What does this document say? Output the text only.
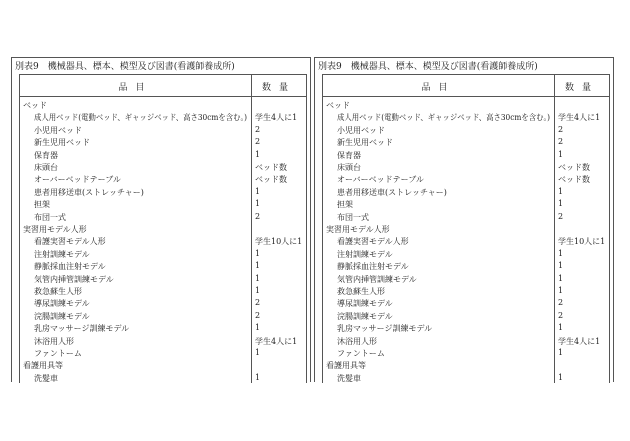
別表9　機械器具、標本、模型及び図書(看護師養成所)
品目	数量
ベッド
成人用ベッド(電動ベッド、ギャッジベッド、高さ30cmを含む。) 学生4人に1
小児用ベッド	2
新生児用ベッド	2
保育器	1
床頭台	ベッド数
オーバーベッドテーブル	ベッド数
患者用移送車(ストレッチャー)	1
担架	1
布団一式	2
実習用モデル人形
看護実習モデル人形	学生10人に1
注射訓練モデル	1
静脈採血注射モデル	1
気管内挿管訓練モデル	1
救急蘇生人形	1
導尿訓練モデル	2
浣腸訓練モデル	2
乳房マッサージ訓練モデル	1
沐浴用人形	学生4人に1
ファントーム	1
看護用具等
洗髪車	1
別表9　機械器具、標本、模型及び図書(看護師養成所)
品目	数量
ベッド
成人用ベッド(電動ベッド、ギャッジベッド、高さ30cmを含む。) 学生4人に1
小児用ベッド	2
新生児用ベッド	2
保育器	1
床頭台	ベッド数
オーバーベッドテーブル	ベッド数
患者用移送車(ストレッチャー)	1
担架	1
布団一式	2
実習用モデル人形
看護実習モデル人形	学生10人に1
注射訓練モデル	1
静脈採血注射モデル	1
気管内挿管訓練モデル	1
救急蘇生人形	1
導尿訓練モデル	2
浣腸訓練モデル	2
乳房マッサージ訓練モデル	1
沐浴用人形	学生4人に1
ファントーム	1
看護用具等
洗髪車	1
